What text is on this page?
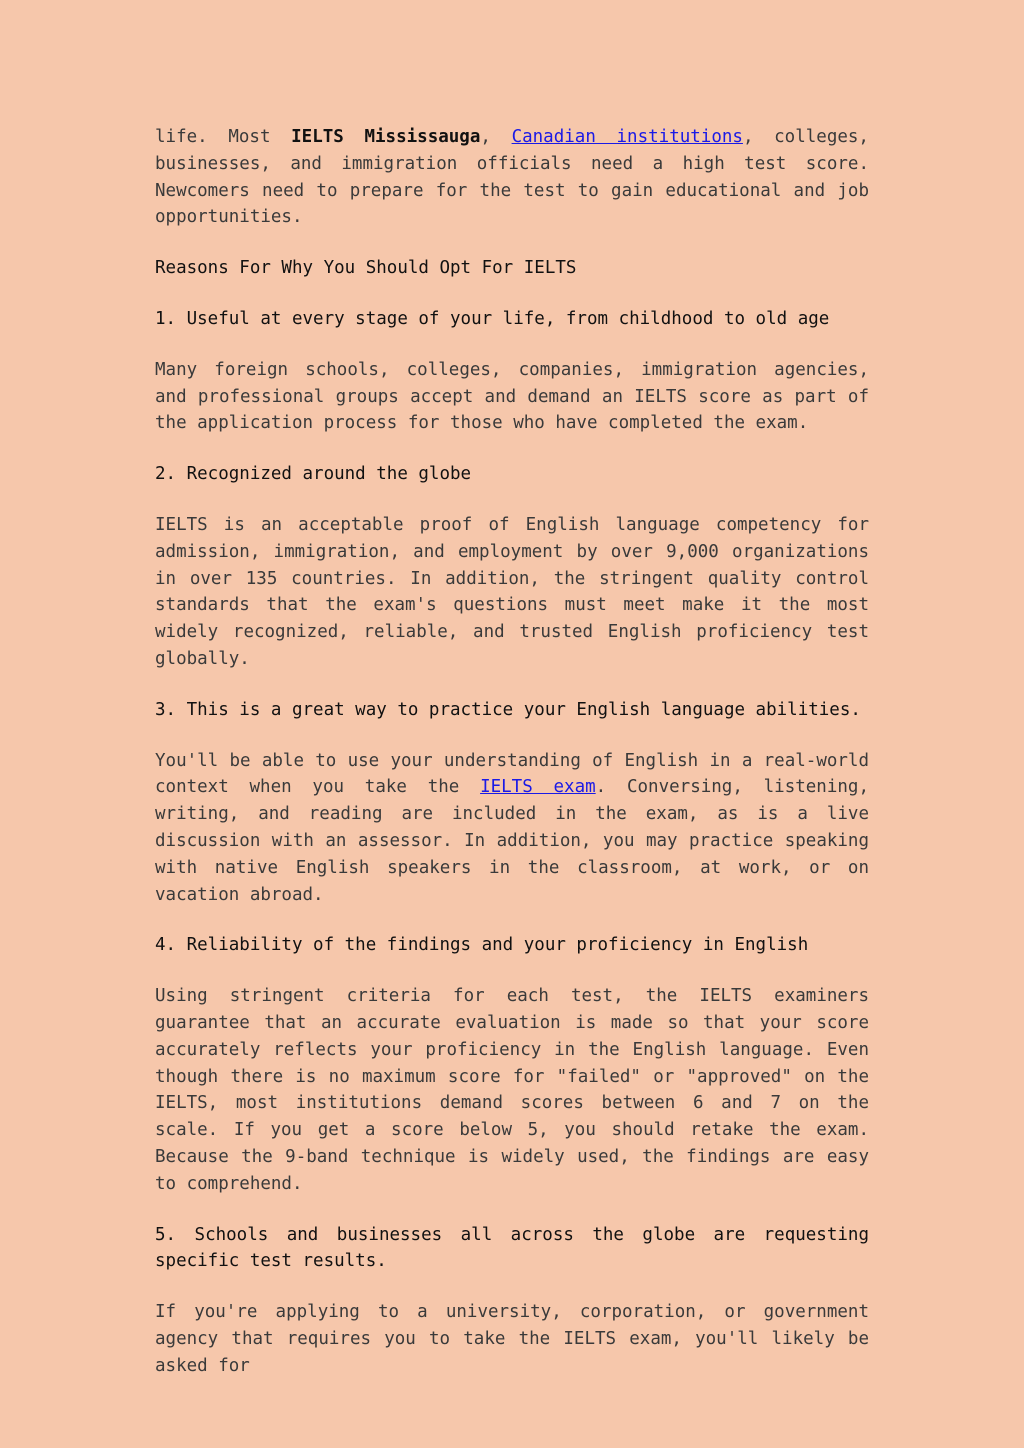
life. Most IELTS Mississauga, Canadian institutions, colleges, businesses, and immigration officials need a high test score. Newcomers need to prepare for the test to gain educational and job opportunities.

Reasons For Why You Should Opt For IELTS

1. Useful at every stage of your life, from childhood to old age

Many foreign schools, colleges, companies, immigration agencies, and professional groups accept and demand an IELTS score as part of the application process for those who have completed the exam.

2. Recognized around the globe

IELTS is an acceptable proof of English language competency for admission, immigration, and employment by over 9,000 organizations in over 135 countries. In addition, the stringent quality control standards that the exam's questions must meet make it the most widely recognized, reliable, and trusted English proficiency test globally.

3. This is a great way to practice your English language abilities.

You'll be able to use your understanding of English in a real-world context when you take the IELTS exam. Conversing, listening, writing, and reading are included in the exam, as is a live discussion with an assessor. In addition, you may practice speaking with native English speakers in the classroom, at work, or on vacation abroad.

4. Reliability of the findings and your proficiency in English

Using stringent criteria for each test, the IELTS examiners guarantee that an accurate evaluation is made so that your score accurately reflects your proficiency in the English language. Even though there is no maximum score for "failed" or "approved" on the IELTS, most institutions demand scores between 6 and 7 on the scale. If you get a score below 5, you should retake the exam. Because the 9-band technique is widely used, the findings are easy to comprehend.

5. Schools and businesses all across the globe are requesting specific test results.

If you're applying to a university, corporation, or government agency that requires you to take the IELTS exam, you'll likely be asked for
